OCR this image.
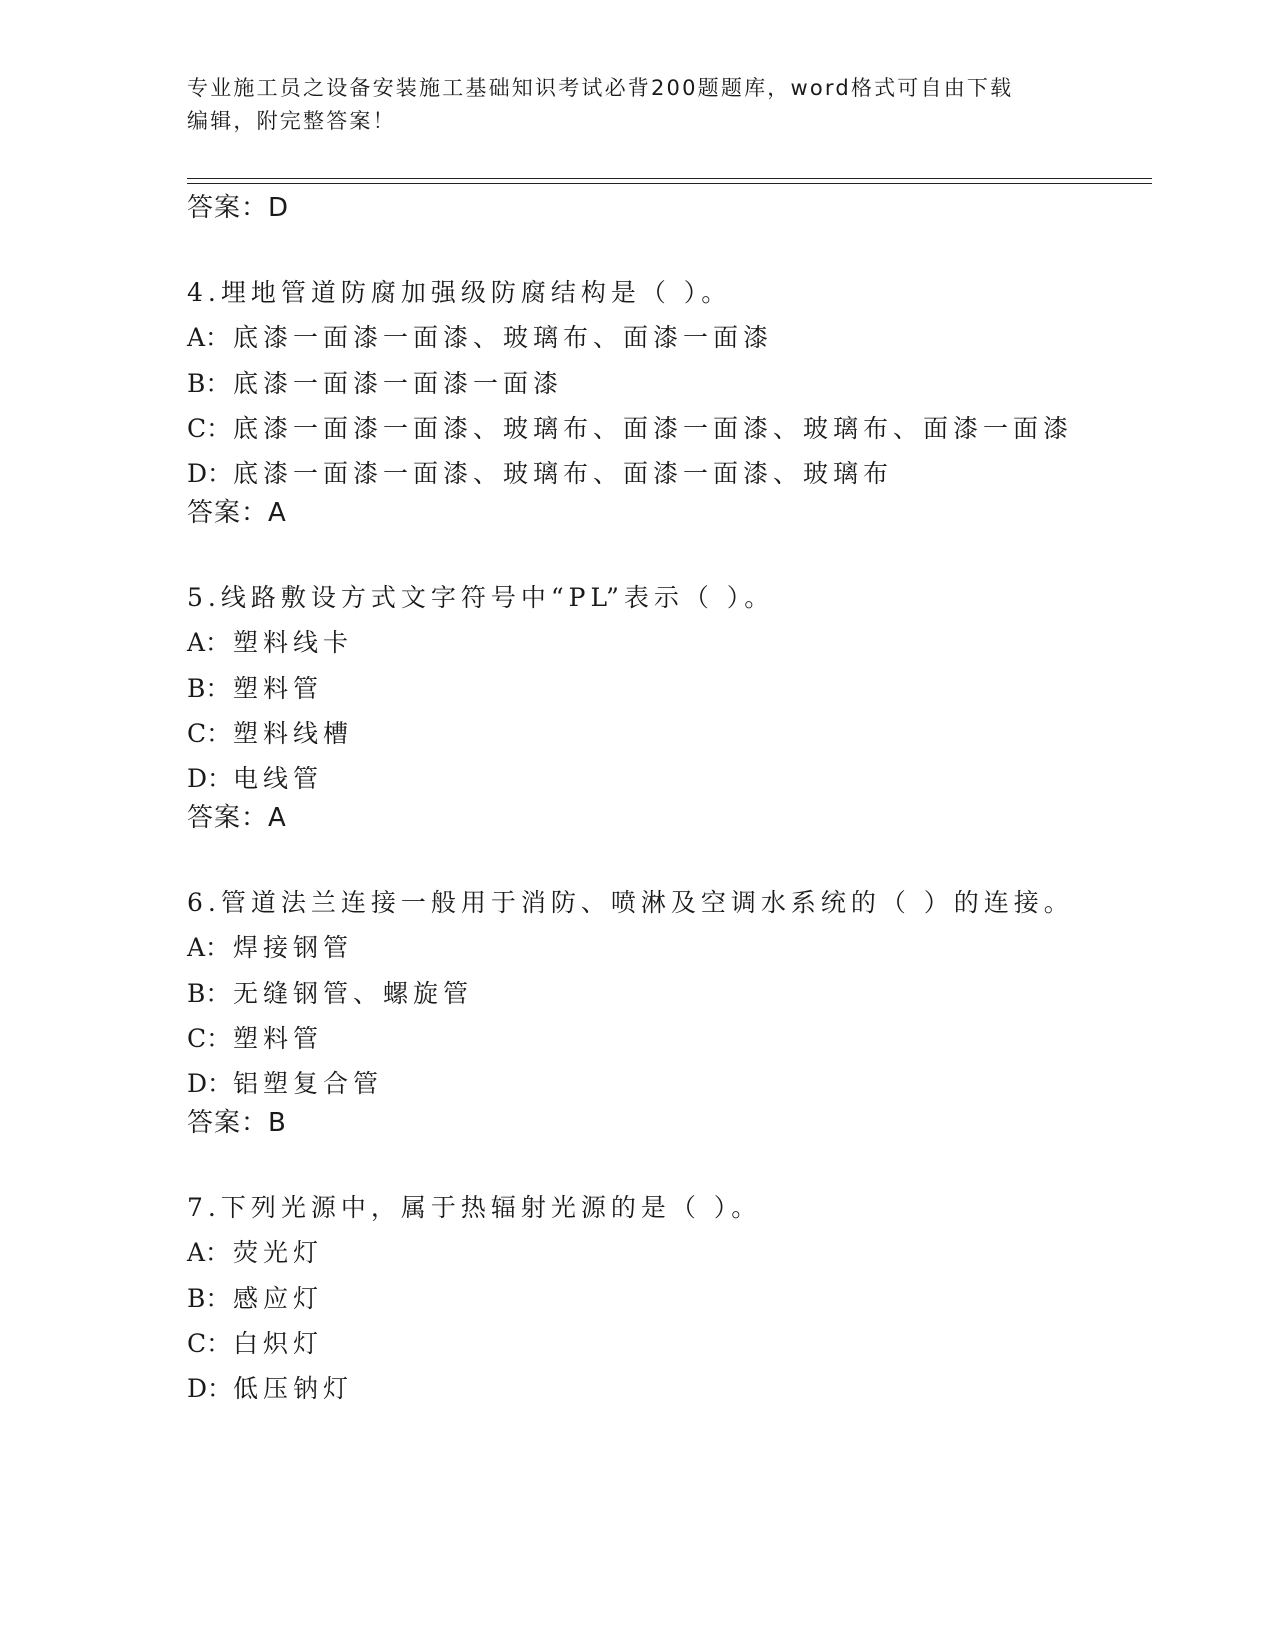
专业施工员之设备安装施工基础知识考试必背200题题库，word格式可自由下载
编辑，附完整答案！
答案：D
4.埋地管道防腐加强级防腐结构是（ ）。
A： 底漆一面漆一面漆、玻璃布、面漆一面漆
B： 底漆一面漆一面漆一面漆
C：底漆一面漆一面漆、玻璃布、面漆一面漆、玻璃布、面漆一面漆
D：底漆一面漆一面漆、玻璃布、面漆一面漆、玻璃布
答案：A
5.线路敷设方式文字符号中“PL”表示（ ）。
A： 塑料线卡
B： 塑料管
C：塑料线槽
D：电线管
答案：A
6.管道法兰连接一般用于消防、喷淋及空调水系统的（ ）的连接。
A： 焊接钢管
B： 无缝钢管、螺旋管
C：塑料管
D：铝塑复合管
答案：B
7.下列光源中，属于热辐射光源的是（ ）。
A： 荧光灯
B： 感应灯
C：白炽灯
D：低压钠灯
